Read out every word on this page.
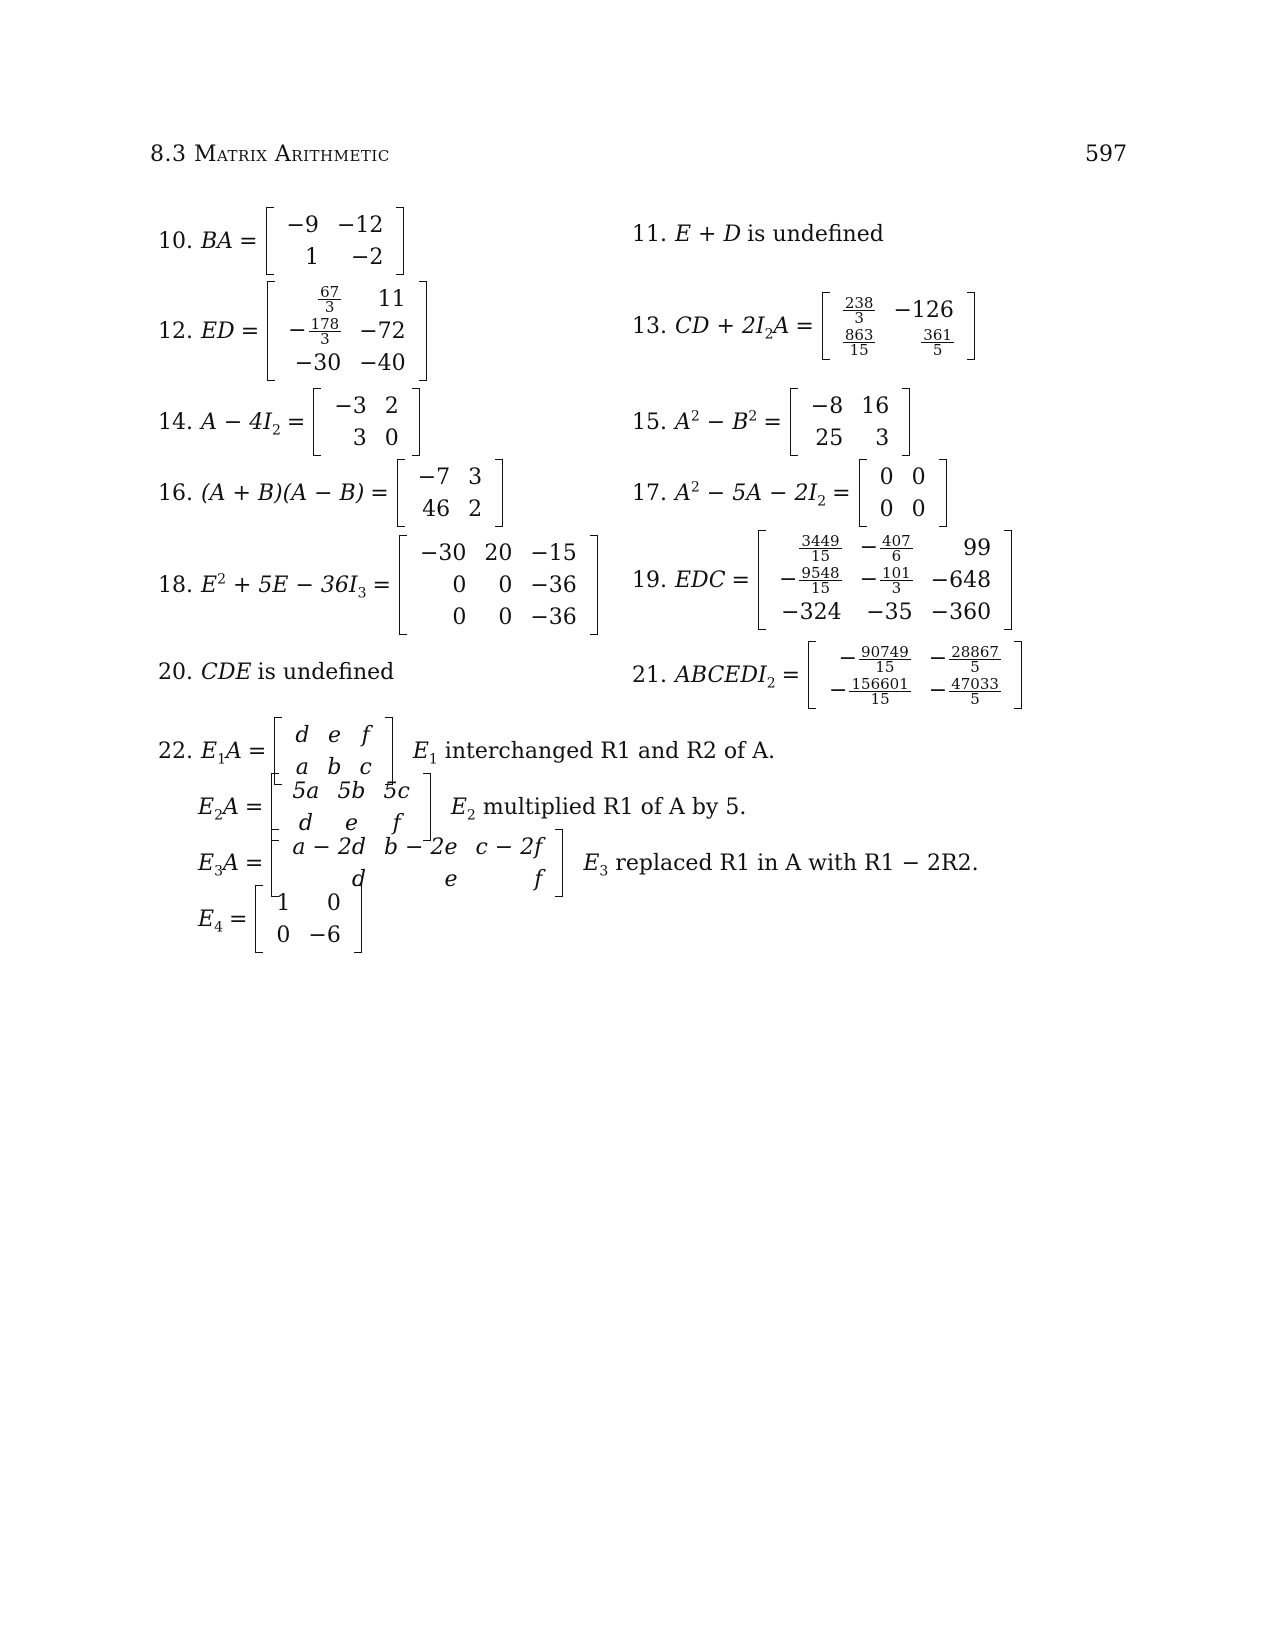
8.3 Matrix Arithmetic	597
10. BA =
−9	−12
1	−2
11. E + D is undefined
12. ED =
$\frac{67}{3}$	11
− $\frac{178}{3}$	−72
−30	−40
13. CD + $2I_2A$ =
$\frac{238}{3}$	−126

$\frac{863}{15}$	$\frac{361}{5}$
14. $A - 4I_2$ =
−3	2
3	0
15. $A^2 - B^2$ =
−8	16
25	3
16. (A + B)(A − B) =
−7	3
46	2
17. $A^2 - 5A - 2I_2$ =
0	0
0	0
18. $E^2 + 5E - 36I_3$ =
−30	20	−15
0	0	−36
0	0	−36
19. EDC =
$\frac{3449}{15}$	− $\frac{407}{6}$	99
− $\frac{9548}{15}$	− $\frac{101}{3}$	−648
−324	−35	−360
20. CDE is undefined	21. $ABCEDI_2$ =
− $\frac{90749}{15}$	− $\frac{28867}{5}$

− $\frac{156601}{15}$	− $\frac{47033}{5}$
22. $E_1A$ =
d	e	f
a	b	c
$E_1$ interchanged R1 and R2 of A.
$E_2A$ =
5a	5b	5c
d	e	f
$E_2$ multiplied R1 of A by 5.
$E_3A$ =
a − 2d	b − 2e	c − 2f
d	e	f
$E_3$ replaced R1 in A with R1 − 2R2.
$E_4$ =
1	0
0	−6
